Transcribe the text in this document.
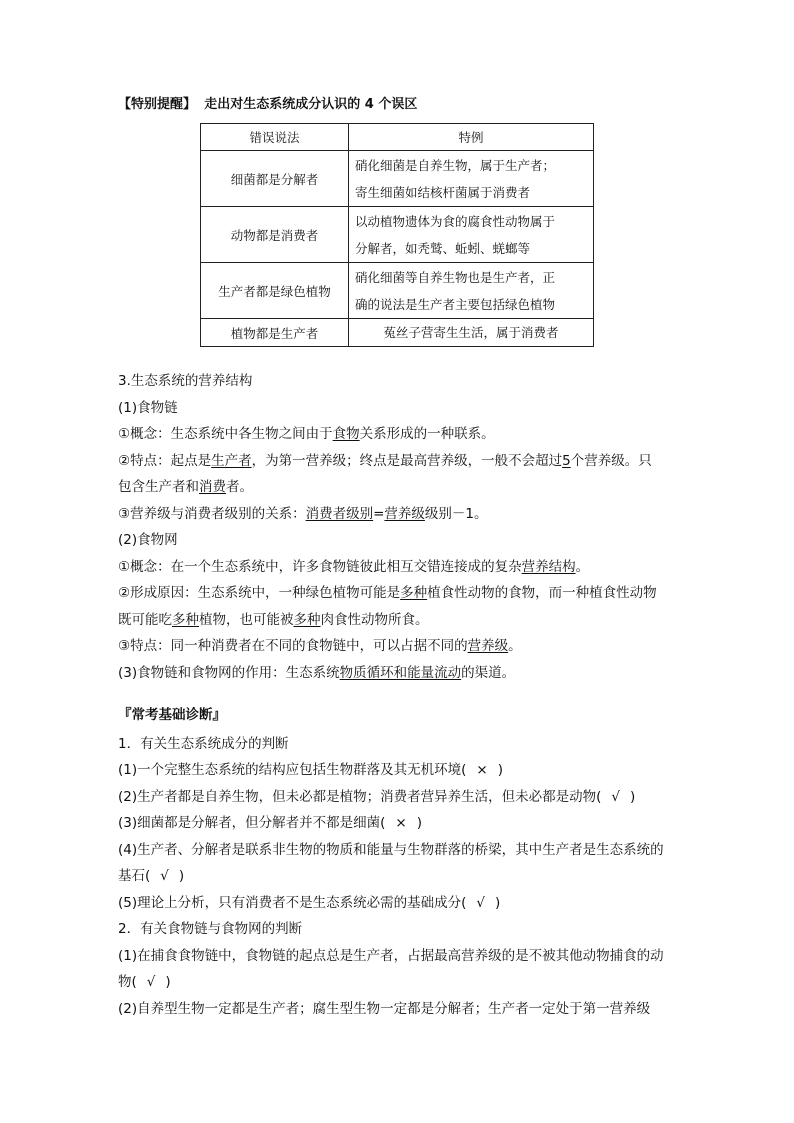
【特别提醒】 走出对生态系统成分认识的 4 个误区
错误说法	特例
细菌都是分解者	硝化细菌是自养生物，属于生产者；
寄生细菌如结核杆菌属于消费者
动物都是消费者	以动植物遗体为食的腐食性动物属于
分解者，如秃鹫、蚯蚓、蜣螂等
生产者都是绿色植物	硝化细菌等自养生物也是生产者，正
确的说法是生产者主要包括绿色植物
植物都是生产者	菟丝子营寄生生活，属于消费者

3.生态系统的营养结构

(1)食物链

①概念：生态系统中各生物之间由于食物关系形成的一种联系。

②特点：起点是生产者，为第一营养级；终点是最高营养级，一般不会超过5个营养级。只
包含生产者和消费者。

③营养级与消费者级别的关系：消费者级别=营养级级别－1。

(2)食物网

①概念：在一个生态系统中，许多食物链彼此相互交错连接成的复杂营养结构。

②形成原因：生态系统中，一种绿色植物可能是多种植食性动物的食物，而一种植食性动物
既可能吃多种植物，也可能被多种肉食性动物所食。

③特点：同一种消费者在不同的食物链中，可以占据不同的营养级。

(3)食物链和食物网的作用：生态系统物质循环和能量流动的渠道。

『常考基础诊断』

1．有关生态系统成分的判断

(1)一个完整生态系统的结构应包括生物群落及其无机环境( × )

(2)生产者都是自养生物，但未必都是植物；消费者营异养生活，但未必都是动物( √ )

(3)细菌都是分解者，但分解者并不都是细菌( × )

(4)生产者、分解者是联系非生物的物质和能量与生物群落的桥梁，其中生产者是生态系统的
基石( √ )

(5)理论上分析，只有消费者不是生态系统必需的基础成分( √ )

2．有关食物链与食物网的判断

(1)在捕食食物链中，食物链的起点总是生产者，占据最高营养级的是不被其他动物捕食的动
物( √ )

(2)自养型生物一定都是生产者；腐生型生物一定都是分解者；生产者一定处于第一营养级
